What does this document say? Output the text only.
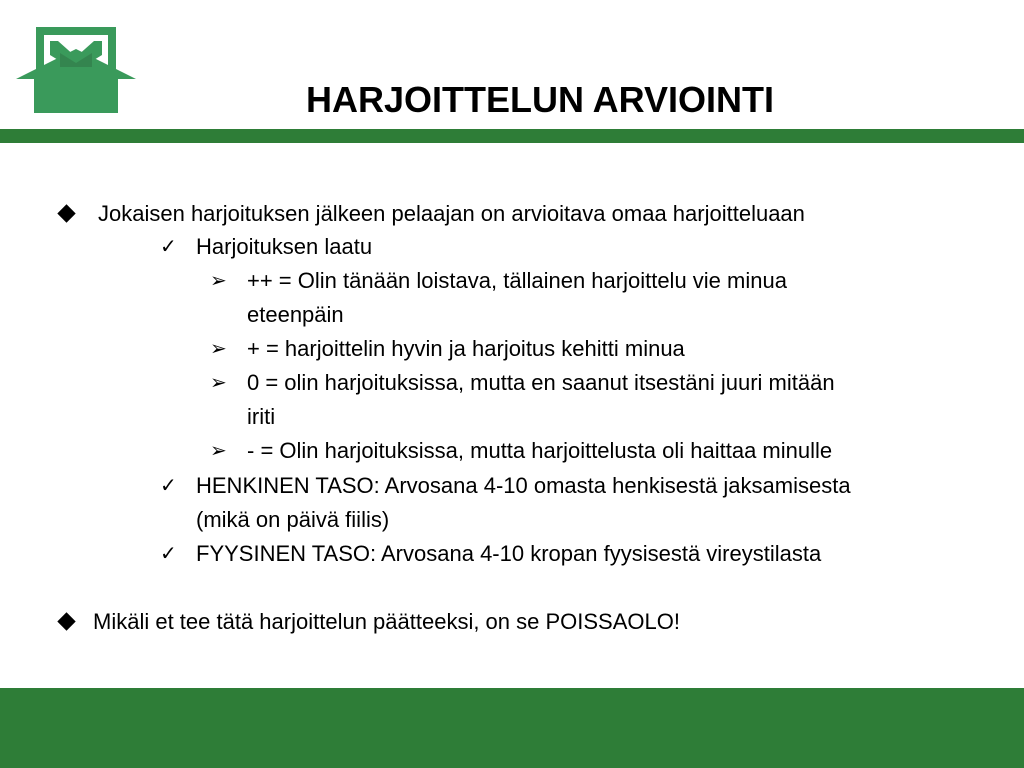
HARJOITTELUN ARVIOINTI
Jokaisen harjoituksen jälkeen pelaajan on arvioitava omaa harjoitteluaan
✓ Harjoituksen laatu
➢ ++ = Olin tänään loistava, tällainen harjoittelu vie minua
eteenpäin
➢ + = harjoittelin hyvin ja harjoitus kehitti minua
➢ 0 = olin harjoituksissa, mutta en saanut itsestäni juuri mitään
iriti
➢ - = Olin harjoituksissa, mutta harjoittelusta oli haittaa minulle
✓ HENKINEN TASO: Arvosana 4-10 omasta henkisestä jaksamisesta
(mikä on päivä fiilis)
✓ FYYSINEN TASO: Arvosana 4-10 kropan fyysisestä vireystilasta
Mikäli et tee tätä harjoittelun päätteeksi, on se POISSAOLO!
